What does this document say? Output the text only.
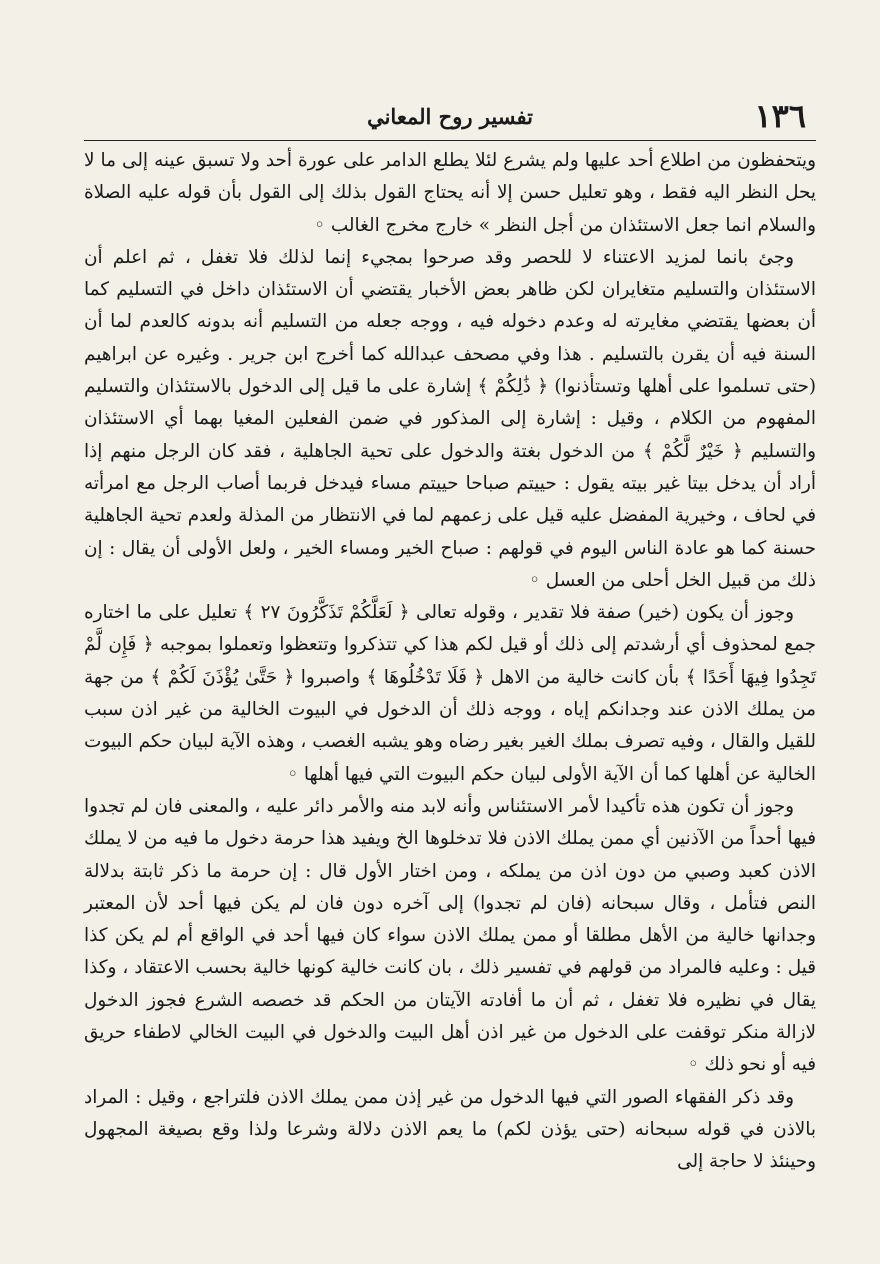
١٣٦
تفسير روح المعاني

ويتحفظون من اطلاع أحد عليها ولم يشرع لئلا يطلع الدامر على عورة أحد ولا تسبق عينه إلى ما لا يحل النظر اليه فقط ، وهو تعليل حسن إلا أنه يحتاج القول بذلك إلى القول بأن قوله عليه الصلاة والسلام انما جعل الاستئذان من أجل النظر » خارج مخرج الغالب ◦

وجئ بانما لمزيد الاعتناء لا للحصر وقد صرحوا بمجيء إنما لذلك فلا تغفل ، ثم اعلم أن الاستئذان والتسليم متغايران لكن ظاهر بعض الأخبار يقتضي أن الاستئذان داخل في التسليم كما أن بعضها يقتضي مغايرته له وعدم دخوله فيه ، ووجه جعله من التسليم أنه بدونه كالعدم لما أن السنة فيه أن يقرن بالتسليم . هذا وفي مصحف عبدالله كما أخرج ابن جرير . وغيره عن ابراهيم (حتى تسلموا على أهلها وتستأذنوا) ﴿ ذَٰلِكُمْ ﴾ إشارة على ما قيل إلى الدخول بالاستئذان والتسليم المفهوم من الكلام ، وقيل : إشارة إلى المذكور في ضمن الفعلين المغيا بهما أي الاستئذان والتسليم ﴿ خَيْرٌ لَّكُمْ ﴾ من الدخول بغتة والدخول على تحية الجاهلية ، فقد كان الرجل منهم إذا أراد أن يدخل بيتا غير بيته يقول : حييتم صباحا حييتم مساء فيدخل فربما أصاب الرجل مع امرأته في لحاف ، وخيرية المفضل عليه قيل على زعمهم لما في الانتظار من المذلة ولعدم تحية الجاهلية حسنة كما هو عادة الناس اليوم في قولهم : صباح الخير ومساء الخير ، ولعل الأولى أن يقال : إن ذلك من قبيل الخل أحلى من العسل ◦

وجوز أن يكون (خير) صفة فلا تقدير ، وقوله تعالى ﴿ لَعَلَّكُمْ تَذَكَّرُونَ ٢٧ ﴾ تعليل على ما اختاره جمع لمحذوف أي أرشدتم إلى ذلك أو قيل لكم هذا كي تتذكروا وتتعظوا وتعملوا بموجبه ﴿ فَإِن لَّمْ تَجِدُوا فِيهَا أَحَدًا ﴾ بأن كانت خالية من الاهل ﴿ فَلَا تَدْخُلُوهَا ﴾ واصبروا ﴿ حَتَّىٰ يُؤْذَنَ لَكُمْ ﴾ من جهة من يملك الاذن عند وجدانكم إياه ، ووجه ذلك أن الدخول في البيوت الخالية من غير اذن سبب للقيل والقال ، وفيه تصرف بملك الغير بغير رضاه وهو يشبه الغصب ، وهذه الآية لبيان حكم البيوت الخالية عن أهلها كما أن الآية الأولى لبيان حكم البيوت التي فيها أهلها ◦

وجوز أن تكون هذه تأكيدا لأمر الاستئناس وأنه لابد منه والأمر دائر عليه ، والمعنى فان لم تجدوا فيها أحداً من الآذنين أي ممن يملك الاذن فلا تدخلوها الخ ويفيد هذا حرمة دخول ما فيه من لا يملك الاذن كعبد وصبي من دون اذن من يملكه ، ومن اختار الأول قال : إن حرمة ما ذكر ثابتة بدلالة النص فتأمل ، وقال سبحانه (فان لم تجدوا) إلى آخره دون فان لم يكن فيها أحد لأن المعتبر وجدانها خالية من الأهل مطلقا أو ممن يملك الاذن سواء كان فيها أحد في الواقع أم لم يكن كذا قيل : وعليه فالمراد من قولهم في تفسير ذلك ، بان كانت خالية كونها خالية بحسب الاعتقاد ، وكذا يقال في نظيره فلا تغفل ، ثم أن ما أفادته الآيتان من الحكم قد خصصه الشرع فجوز الدخول لازالة منكر توقفت على الدخول من غير اذن أهل البيت والدخول في البيت الخالي لاطفاء حريق فيه أو نحو ذلك ◦

وقد ذكر الفقهاء الصور التي فيها الدخول من غير إذن ممن يملك الاذن فلتراجع ، وقيل : المراد بالاذن في قوله سبحانه (حتى يؤذن لكم) ما يعم الاذن دلالة وشرعا ولذا وقع بصيغة المجهول وحينئذ لا حاجة إلى
